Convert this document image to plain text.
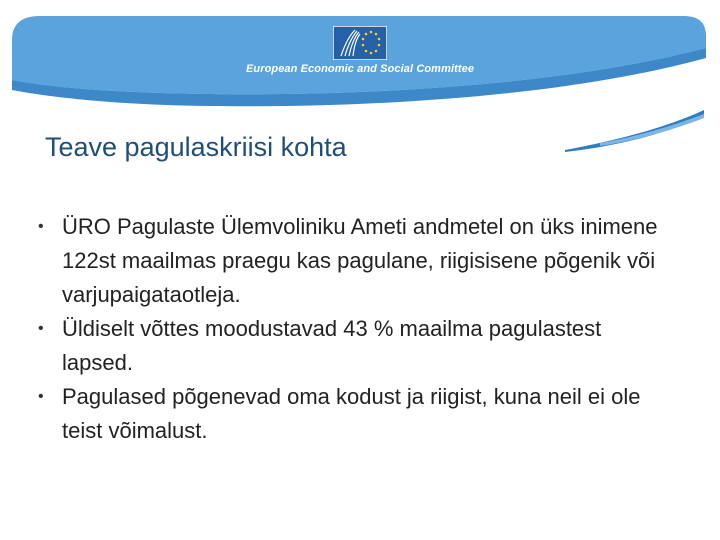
European Economic and Social Committee
Teave pagulaskriisi kohta
• ÜRO Pagulaste Ülemvoliniku Ameti andmetel on üks inimene 122st maailmas praegu kas pagulane, riigisisene põgenik või varjupaigataotleja.
• Üldiselt võttes moodustavad 43 % maailma pagulastest lapsed.
• Pagulased põgenevad oma kodust ja riigist, kuna neil ei ole teist võimalust.
